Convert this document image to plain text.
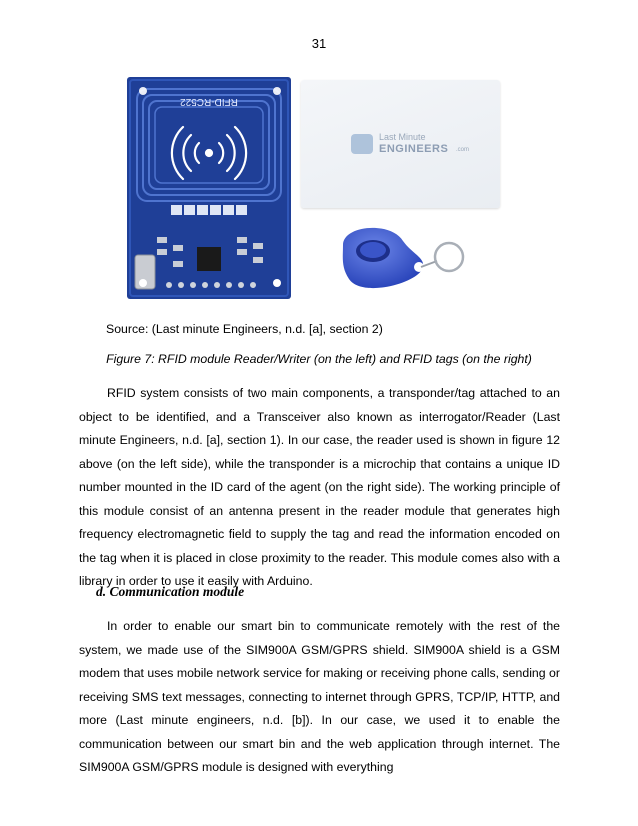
31
RFID-RC522
Last Minute
ENGINEERS .com
Source: (Last minute Engineers, n.d. [a], section 2)
Figure 7: RFID module Reader/Writer (on the left) and RFID tags (on the right)

RFID system consists of two main components, a transponder/tag attached to an object to be identified, and a Transceiver also known as interrogator/Reader (Last minute Engineers, n.d. [a], section 1). In our case, the reader used is shown in figure 12 above (on the left side), while the transponder is a microchip that contains a unique ID number mounted in the ID card of the agent (on the right side). The working principle of this module consist of an antenna present in the reader module that generates high frequency electromagnetic field to supply the tag and read the information encoded on the tag when it is placed in close proximity to the reader. This module comes also with a library in order to use it easily with Arduino.

d. Communication module

In order to enable our smart bin to communicate remotely with the rest of the system, we made use of the SIM900A GSM/GPRS shield. SIM900A shield is a GSM modem that uses mobile network service for making or receiving phone calls, sending or receiving SMS text messages, connecting to internet through GPRS, TCP/IP, HTTP, and more (Last minute engineers, n.d. [b]). In our case, we used it to enable the communication between our smart bin and the web application through internet. The SIM900A GSM/GPRS module is designed with everything
